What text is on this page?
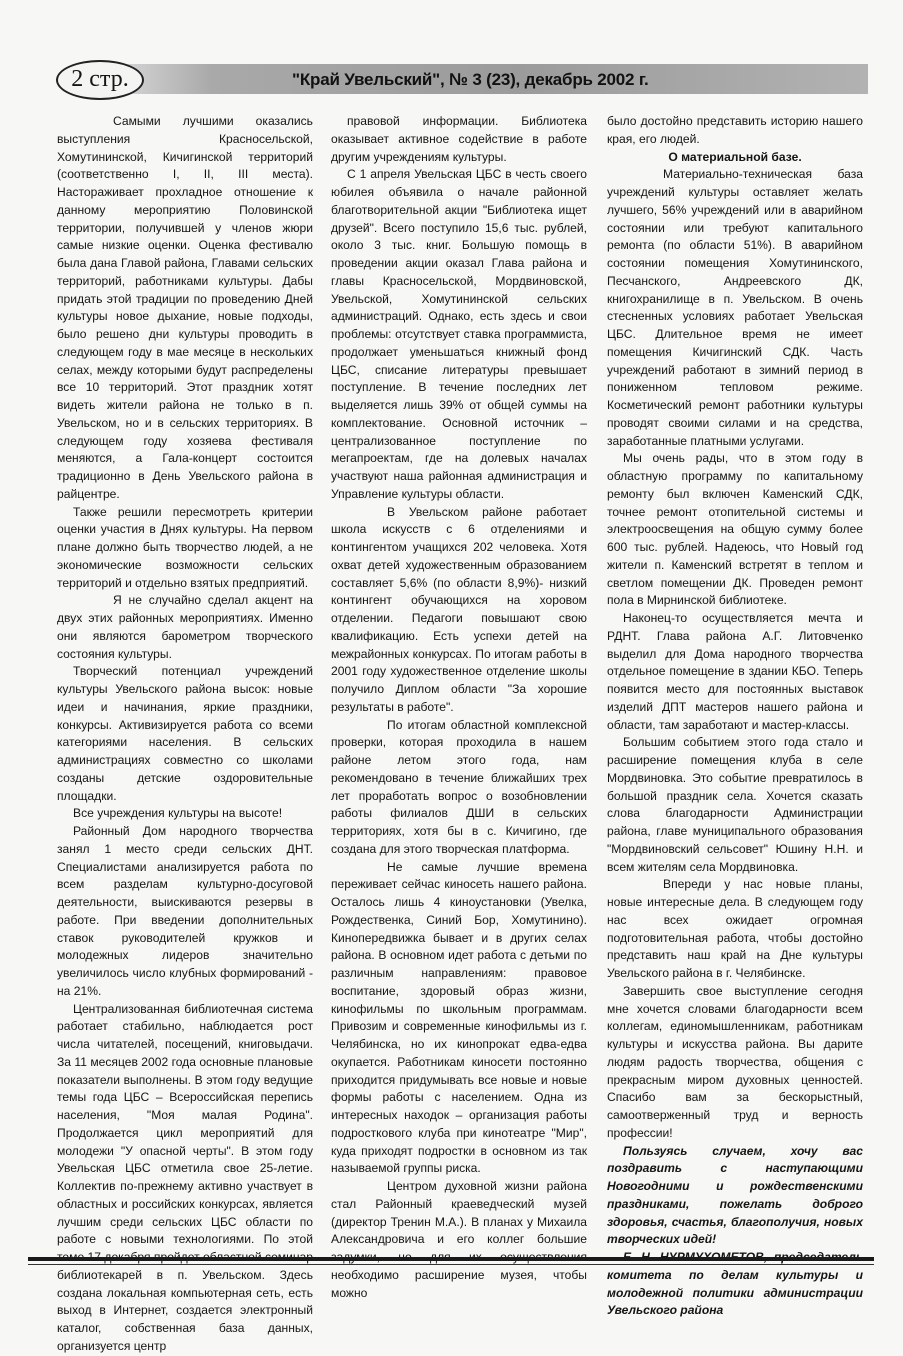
2 стр.	"Край Увельский", № 3 (23), декабрь 2002 г.

Самыми лучшими оказались выступления Красносельской, Хомутининской, Кичигинской территорий (соответственно I, II, III места). Настораживает прохладное отношение к данному мероприятию Половинской территории, получившей у членов жюри самые низкие оценки. Оценка фестивалю была дана Главой района, Главами сельских территорий, работниками культуры. Дабы придать этой традиции по проведению Дней культуры новое дыхание, новые подходы, было решено дни культуры проводить в следующем году в мае месяце в нескольких селах, между которыми будут распределены все 10 территорий. Этот праздник хотят видеть жители района не только в п. Увельском, но и в сельских территориях. В следующем году хозяева фестиваля меняются, а Гала-концерт состоится традиционно в День Увельского района в райцентре.

Также решили пересмотреть критерии оценки участия в Днях культуры. На первом плане должно быть творчество людей, а не экономические возможности сельских территорий и отдельно взятых предприятий.

Я не случайно сделал акцент на двух этих районных мероприятиях. Именно они являются барометром творческого состояния культуры.

Творческий потенциал учреждений культуры Увельского района высок: новые идеи и начинания, яркие праздники, конкурсы. Активизируется работа со всеми категориями населения. В сельских администрациях совместно со школами созданы детские оздоровительные площадки.

Все учреждения культуры на высоте!

Районный Дом народного творчества занял 1 место среди сельских ДНТ. Специалистами анализируется работа по всем разделам культурно-досуговой деятельности, выискиваются резервы в работе. При введении дополнительных ставок руководителей кружков и молодежных лидеров значительно увеличилось число клубных формирований - на 21%.

Централизованная библиотечная система работает стабильно, наблюдается рост числа читателей, посещений, книговыдачи. За 11 месяцев 2002 года основные плановые показатели выполнены. В этом году ведущие темы года ЦБС – Всероссийская перепись населения, "Моя малая Родина". Продолжается цикл мероприятий для молодежи "У опасной черты". В этом году Увельская ЦБС отметила свое 25-летие. Коллектив по-прежнему активно участвует в областных и российских конкурсах, является лучшим среди сельских ЦБС области по работе с новыми технологиями. По этой библиотекарей в п. Увельском. Здесь создана локальная компьютерная сеть, есть выход в Интернет, создается электронный каталог, собственная база данных, организуется центр

правовой информации. Библиотека оказывает активное содействие в работе другим учреждениям культуры.

С 1 апреля Увельская ЦБС в честь своего юбилея объявила о начале районной благотворительной акции "Библиотека ищет друзей". Всего поступило 15,6 тыс. рублей, около 3 тыс. книг. Большую помощь в проведении акции оказал Глава района и главы Красносельской, Мордвиновской, Увельской, Хомутининской сельских администраций. Однако, есть здесь и свои проблемы: отсутствует ставка программиста, продолжает уменьшаться книжный фонд ЦБС, списание литературы превышает поступление. В течение последних лет выделяется лишь 39% от общей суммы на комплектование. Основной источник – централизованное поступление по мегапроектам, где на долевых началах участвуют наша районная администрация и Управление культуры области.

В Увельском районе работает школа искусств с 6 отделениями и контингентом учащихся 202 человека. Хотя охват детей художественным образованием составляет 5,6% (по области 8,9%)- низкий контингент обучающихся на хоровом отделении. Педагоги повышают свою квалификацию. Есть успехи детей на межрайонных конкурсах. По итогам работы в 2001 году художественное отделение школы получило Диплом области "За хорошие результаты в работе".

По итогам областной комплексной проверки, которая проходила в нашем районе летом этого года, нам рекомендовано в течение ближайших трех лет проработать вопрос о возобновлении работы филиалов ДШИ в сельских территориях, хотя бы в с. Кичигино, где создана для этого творческая платформа.

Не самые лучшие времена переживает сейчас киносеть нашего района. Осталось лишь 4 киноустановки (Увелка, Рождественка, Синий Бор, Хомутинино). Кинопередвижка бывает и в других селах района. В основном идет работа с детьми по различным направлениям: правовое воспитание, здоровый образ жизни, кинофильмы по школьным программам. Привозим и современные кинофильмы из г. Челябинска, но их кинопрокат едва-едва окупается. Работникам киносети постоянно приходится придумывать все новые и новые формы работы с населением. Одна из интересных находок – организация работы подросткового клуба при кинотеатре "Мир", куда приходят подростки в основном из так называемой группы риска.

Центром духовной жизни района стал Районный краеведческий музей (директор Тренин М.А.). В планах у Михаила Александровича и его коллег большие необходимо расширение музея, чтобы можно

было достойно представить историю нашего края, его людей.

О материальной базе.

Материально-техническая база учреждений культуры оставляет желать лучшего, 56% учреждений или в аварийном состоянии или требуют капитального ремонта (по области 51%). В аварийном состоянии помещения Хомутининского, Песчанского, Андреевского ДК, книгохранилище в п. Увельском. В очень стесненных условиях работает Увельская ЦБС. Длительное время не имеет помещения Кичигинский СДК. Часть учреждений работают в зимний период в пониженном тепловом режиме. Косметический ремонт работники культуры проводят своими силами и на средства, заработанные платными услугами.

Мы очень рады, что в этом году в областную программу по капитальному ремонту был включен Каменский СДК, точнее ремонт отопительной системы и электроосвещения на общую сумму более 600 тыс. рублей. Надеюсь, что Новый год жители п. Каменский встретят в теплом и светлом помещении ДК. Проведен ремонт пола в Мирнинской библиотеке.

Наконец-то осуществляется мечта и РДНТ. Глава района А.Г. Литовченко выделил для Дома народного творчества отдельное помещение в здании КБО. Теперь появится место для постоянных выставок изделий ДПТ мастеров нашего района и области, там заработают и мастер-классы.

Большим событием этого года стало и расширение помещения клуба в селе Мордвиновка. Это событие превратилось в большой праздник села. Хочется сказать слова благодарности Администрации района, главе муниципального образования "Мордвиновский сельсовет" Юшину Н.Н. и всем жителям села Мордвиновка.

Впереди у нас новые планы, новые интересные дела. В следующем году нас всех ожидает огромная подготовительная работа, чтобы достойно представить наш край на Дне культуры Увельского района в г. Челябинске.

Завершить свое выступление сегодня мне хочется словами благодарности всем коллегам, единомышленникам, работникам культуры и искусства района. Вы дарите людям радость творчества, общения с прекрасным миром духовных ценностей. Спасибо вам за бескорыстный, самоотверженный труд и верность профессии!

Пользуясь случаем, хочу вас поздравить с наступающими Новогодними и рождественскими праздниками, пожелать доброго здоровья, счастья, благополучия, новых творческих идей!

комитета по делам культуры и молодежной политики администрации Увельского района
